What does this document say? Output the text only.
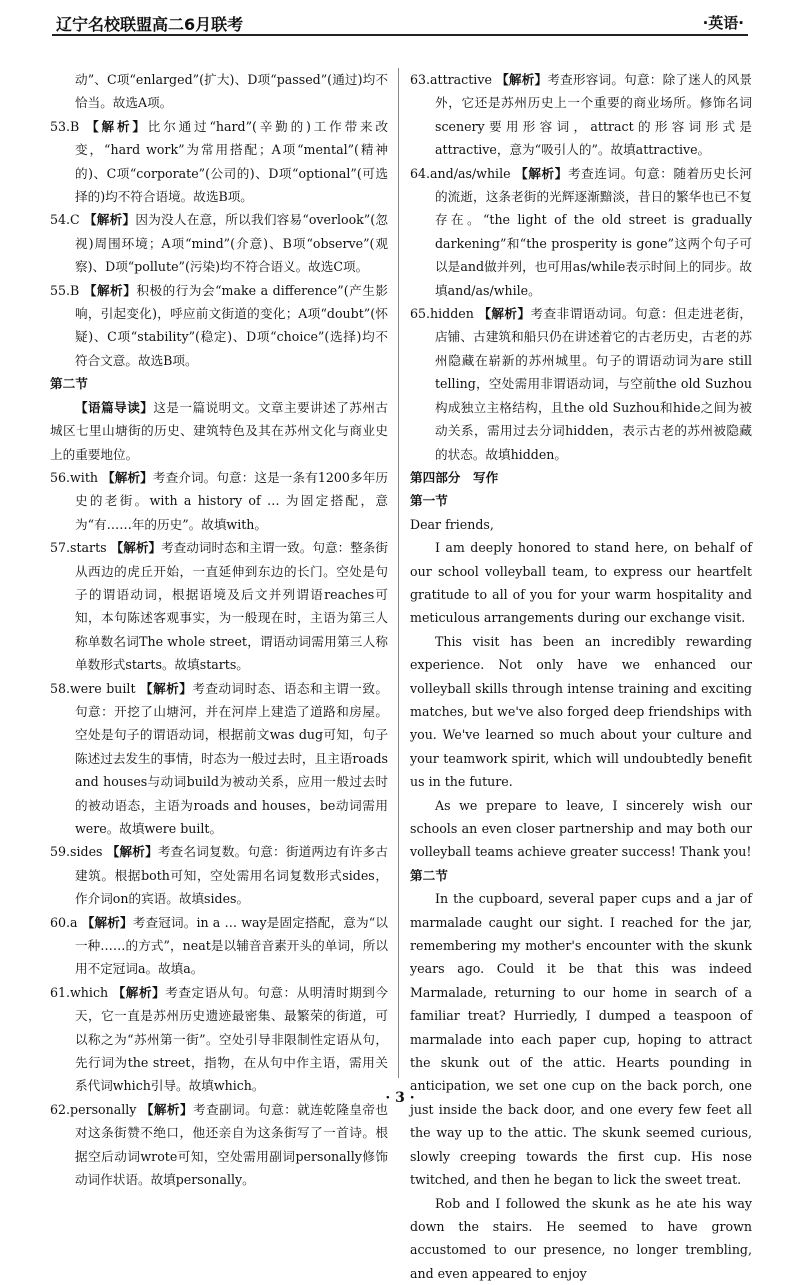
辽宁名校联盟高二6月联考	·英语·

动”、C项“enlarged”(扩大)、D项“passed”(通过)均不恰当。故选A项。

53.B 【解析】比尔通过“hard”(辛勤的)工作带来改变，“hard work”为常用搭配；A项“mental”(精神的)、C项“corporate”(公司的)、D项“optional”(可选择的)均不符合语境。故选B项。

54.C 【解析】因为没人在意，所以我们容易“overlook”(忽视)周围环境；A项“mind”(介意)、B项“observe”(观察)、D项“pollute”(污染)均不符合语义。故选C项。

55.B 【解析】积极的行为会“make a difference”(产生影响，引起变化)，呼应前文街道的变化；A项“doubt”(怀疑)、C项“stability”(稳定)、D项“choice”(选择)均不符合文意。故选B项。

第二节

【语篇导读】这是一篇说明文。文章主要讲述了苏州古城区七里山塘街的历史、建筑特色及其在苏州文化与商业史上的重要地位。

56.with 【解析】考查介词。句意：这是一条有1200多年历史的老街。with a history of … 为固定搭配，意为“有……年的历史”。故填with。

57.starts 【解析】考查动词时态和主谓一致。句意：整条街从西边的虎丘开始，一直延伸到东边的长门。空处是句子的谓语动词，根据语境及后文并列谓语reaches可知，本句陈述客观事实，为一般现在时，主语为第三人称单数名词The whole street，谓语动词需用第三人称单数形式starts。故填starts。

58.were built 【解析】考查动词时态、语态和主谓一致。句意：开挖了山塘河，并在河岸上建造了道路和房屋。空处是句子的谓语动词，根据前文was dug可知，句子陈述过去发生的事情，时态为一般过去时，且主语roads and houses与动词build为被动关系，应用一般过去时的被动语态，主语为roads and houses，be动词需用were。故填were built。

59.sides 【解析】考查名词复数。句意：街道两边有许多古建筑。根据both可知，空处需用名词复数形式sides，作介词on的宾语。故填sides。

60.a 【解析】考查冠词。in a … way是固定搭配，意为“以一种……的方式”，neat是以辅音音素开头的单词，所以用不定冠词a。故填a。

61.which 【解析】考查定语从句。句意：从明清时期到今天，它一直是苏州历史遗迹最密集、最繁荣的街道，可以称之为“苏州第一街”。空处引导非限制性定语从句，先行词为the street，指物，在从句中作主语，需用关系代词which引导。故填which。

62.personally 【解析】考查副词。句意：就连乾隆皇帝也对这条街赞不绝口，他还亲自为这条街写了一首诗。根据空后动词wrote可知，空处需用副词personally修饰动词作状语。故填personally。

63.attractive 【解析】考查形容词。句意：除了迷人的风景外，它还是苏州历史上一个重要的商业场所。修饰名词scenery要用形容词，attract的形容词形式是attractive，意为“吸引人的”。故填attractive。

64.and/as/while 【解析】考查连词。句意：随着历史长河的流逝，这条老街的光辉逐渐黯淡，昔日的繁华也已不复存在。“the light of the old street is gradually darkening”和“the prosperity is gone”这两个句子可以是and做并列，也可用as/while表示时间上的同步。故填and/as/while。

65.hidden 【解析】考查非谓语动词。句意：但走进老街，店铺、古建筑和船只仍在讲述着它的古老历史，古老的苏州隐藏在崭新的苏州城里。句子的谓语动词为are still telling，空处需用非谓语动词，与空前the old Suzhou构成独立主格结构，且the old Suzhou和hide之间为被动关系，需用过去分词hidden，表示古老的苏州被隐藏的状态。故填hidden。

第四部分　写作

第一节

Dear friends,

I am deeply honored to stand here, on behalf of our school volleyball team, to express our heartfelt gratitude to all of you for your warm hospitality and meticulous arrangements during our exchange visit.

This visit has been an incredibly rewarding experience. Not only have we enhanced our volleyball skills through intense training and exciting matches, but we've also forged deep friendships with you. We've learned so much about your culture and your teamwork spirit, which will undoubtedly benefit us in the future.

As we prepare to leave, I sincerely wish our schools an even closer partnership and may both our volleyball teams achieve greater success! Thank you!

第二节

In the cupboard, several paper cups and a jar of marmalade caught our sight. I reached for the jar, remembering my mother's encounter with the skunk years ago. Could it be that this was indeed Marmalade, returning to our home in search of a familiar treat? Hurriedly, I dumped a teaspoon of marmalade into each paper cup, hoping to attract the skunk out of the attic. Hearts pounding in anticipation, we set one cup on the back porch, one just inside the back door, and one every few feet all the way up to the attic. The skunk seemed curious, slowly creeping towards the first cup. His nose twitched, and then he began to lick the sweet treat.

Rob and I followed the skunk as he ate his way down the stairs. He seemed to have grown accustomed to our presence, no longer trembling, and even appeared to enjoy

· 3 ·
